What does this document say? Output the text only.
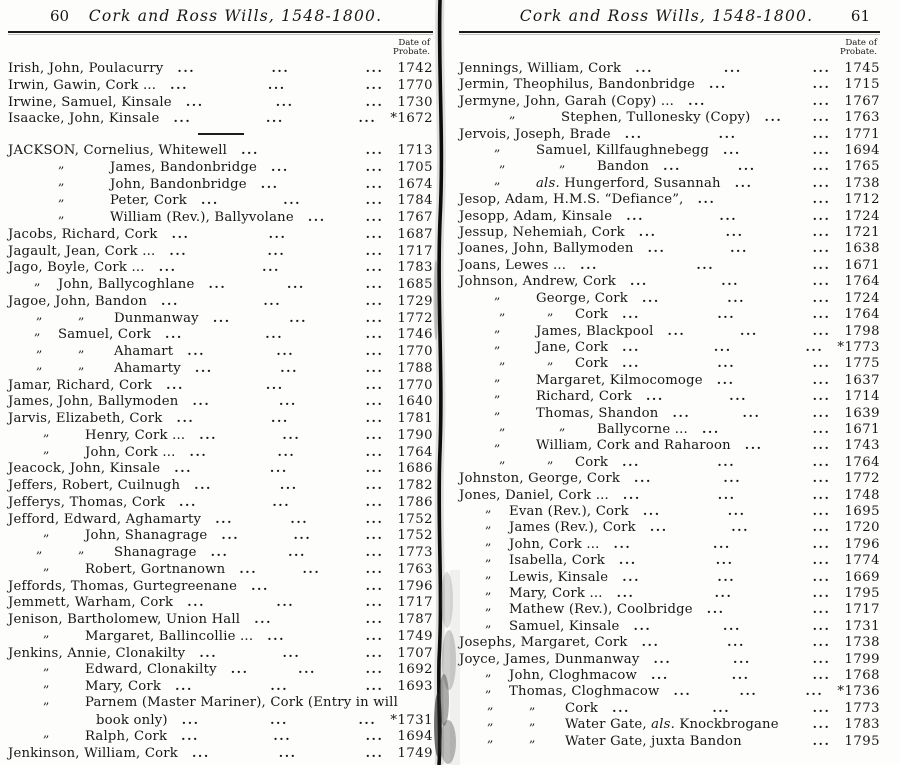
60	Cork and Ross Wills, 1548-1800.
Date of
Probate.
Irish, John, Poulacurry ...	...	... 1742
Irwin, Gawin, Cork ... ...	...	... 1770
Irwine, Samuel, Kinsale ...	...	... 1730
Isaacke, John, Kinsale ...	...	... *1672
JACKSON, Cornelius, Whitewell ...	... 1713
„	James, Bandonbridge ...	... 1705
„	John, Bandonbridge ...	... 1674
„	Peter, Cork ...	...	... 1784
„	William (Rev.), Ballyvolane ...	... 1767
Jacobs, Richard, Cork ...	...	... 1687
Jagault, Jean, Cork ... ...	...	... 1717
Jago, Boyle, Cork ... ...	...	... 1783
„ John, Ballycoghlane ...	...	... 1685
Jagoe, John, Bandon ...	...	... 1729
„	„ Dunmanway ...	...	... 1772
„ Samuel, Cork ...	...	... 1746
„	„ Ahamart ...	...	... 1770
„	„ Ahamarty ...	...	... 1788
Jamar, Richard, Cork ...	...	... 1770
James, John, Ballymoden ...	...	... 1640
Jarvis, Elizabeth, Cork ...	...	... 1781
„	Henry, Cork ... ...	...	... 1790
„	John, Cork ... ...	...	... 1764
Jeacock, John, Kinsale ...	...	... 1686
Jeffers, Robert, Cuilnugh ...	...	... 1782
Jefferys, Thomas, Cork ...	...	... 1786
Jefford, Edward, Aghamarty ...	...	... 1752
„	John, Shanagrage ...	...	... 1752
„	„ Shanagrage ...	...	... 1773
„	Robert, Gortnanown ...	...	... 1763
Jeffords, Thomas, Gurtegreenane ...	... 1796
Jemmett, Warham, Cork ...	...	... 1717
Jenison, Bartholomew, Union Hall ...	... 1787
„	Margaret, Ballincollie ... ...	... 1749
Jenkins, Annie, Clonakilty ...	...	... 1707
„	Edward, Clonakilty ...	...	... 1692
„	Mary, Cork ...	...	... 1693
„	Parnem (Master Mariner), Cork (Entry in will
book only) ...	...	... *1731
„	Ralph, Cork ...	...	... 1694
Jenkinson, William, Cork ...	...	... 1749
Cork and Ross Wills, 1548-1800.	61
Date of
Probate.
Jennings, William, Cork ...	...	... 1745
Jermin, Theophilus, Bandonbridge ...	... 1715
Jermyne, John, Garah (Copy) ... ...	... 1767
„	Stephen, Tullonesky (Copy) ... ... 1763
Jervois, Joseph, Brade ...	...	... 1771
„	Samuel, Killfaughnebegg ...	... 1694
„	„ Bandon ...	...	... 1765
„	als. Hungerford, Susannah ...	... 1738
Jesop, Adam, H.M.S. “Defiance”, ...	... 1712
Jesopp, Adam, Kinsale ...	...	... 1724
Jessup, Nehemiah, Cork ...	...	... 1721
Joanes, John, Ballymoden ...	...	... 1638
Joans, Lewes ... ...	...	... 1671
Johnson, Andrew, Cork ...	...	... 1764
„	George, Cork ...	...	... 1724
„	„ Cork ...	...	... 1764
„	James, Blackpool ...	...	... 1798
„	Jane, Cork ...	...	... *1773
„	„ Cork ...	...	... 1775
„	Margaret, Kilmocomoge ...	... 1637
„	Richard, Cork ...	...	... 1714
„	Thomas, Shandon ...	...	... 1639
„	„ Ballycorne ... ...	... 1671
„	William, Cork and Raharoon ...	... 1743
„	„ Cork ...	...	... 1764
Johnston, George, Cork ...	...	... 1772
Jones, Daniel, Cork ... ...	...	... 1748
„ Evan (Rev.), Cork ...	...	... 1695
„ James (Rev.), Cork ...	...	... 1720
„ John, Cork ... ...	...	... 1796
„ Isabella, Cork ...	...	... 1774
„ Lewis, Kinsale ...	...	... 1669
„ Mary, Cork ... ...	...	... 1795
„ Mathew (Rev.), Coolbridge ...	... 1717
„ Samuel, Kinsale ...	...	... 1731
Josephs, Margaret, Cork ...	...	... 1738
Joyce, James, Dunmanway ...	...	... 1799
„ John, Cloghmacow ...	...	... 1768
„ Thomas, Cloghmacow ...	...	... *1736
„	„ Cork ...	...	... 1773
„	„ Water Gate, als. Knockbrogane	... 1783
„	„ Water Gate, juxta Bandon	... 1795
